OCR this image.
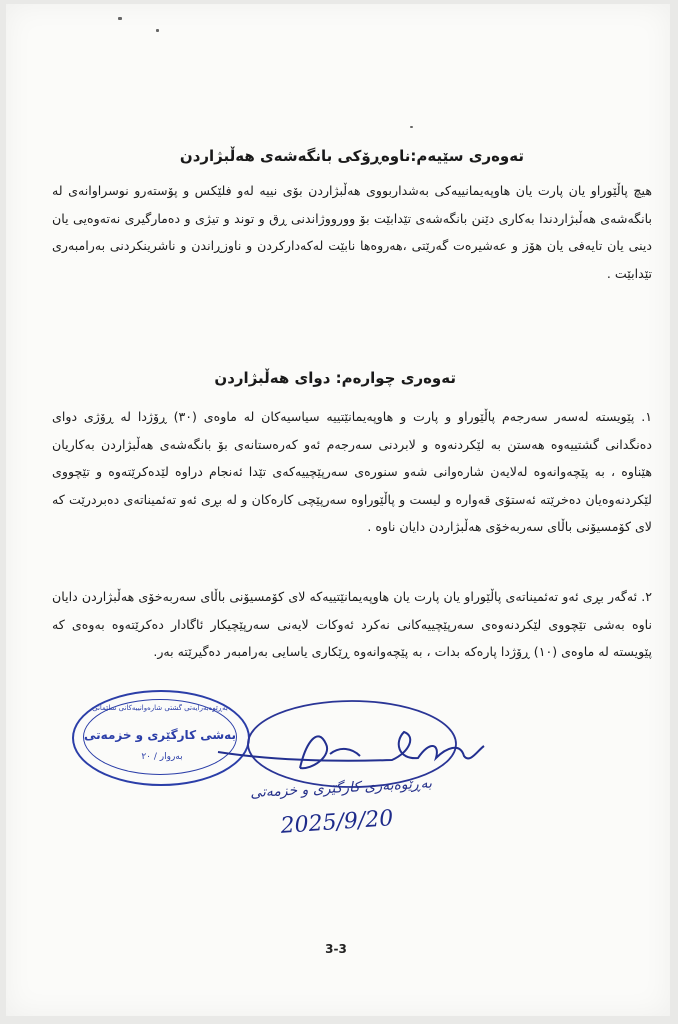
تەوەری سێیەم:ناوەڕۆکی بانگەشەی هەڵبژاردن
هیچ پاڵێوراو یان پارت یان هاوپەیمانییەکی بەشداربووی هەڵبژاردن بۆی نییە لەو فلێکس و پۆستەرو نوسراوانەی لە بانگەشەی هەڵبژاردندا بەکاری دێنن بانگەشەی تێدابێت بۆ وورووژاندنی ڕق و توند و تیژی و دەمارگیری نەتەوەیی یان دینی یان تایەفی یان هۆز و عەشیرەت گەرێتی ،هەروەها نابێت لەکەدارکردن و ناوزڕاندن و ناشرینکردنی بەرامبەری تێدابێت .
تەوەری چوارەم: دوای هەڵبژاردن
١. پێویستە لەسەر سەرجەم پاڵێوراو و پارت و هاوپەیمانێتییە سیاسیەکان لە ماوەی (٣٠) ڕۆژدا لە ڕۆژی دوای دەنگدانی گشتییەوە هەستن بە لێکردنەوە و لابردنی سەرجەم ئەو کەرەستانەی بۆ بانگەشەی هەڵبژاردن بەکاریان هێناوە ، بە پێچەوانەوە لەلایەن شارەوانی شەو سنورەی سەرپێچییەکەی تێدا ئەنجام دراوە لێدەکرێتەوە و تێچووی لێکردنەوەیان دەخرێتە ئەستۆی قەوارە و لیست و پاڵێوراوە سەرپێچی کارەکان و لە بڕی ئەو تەئمیناتەی دەبردرێت کە لای کۆمسیۆنی باڵای سەربەخۆی هەڵبژاردن دایان ناوە .
٢. ئەگەر بڕی ئەو تەئمیناتەی پاڵێوراو یان پارت یان هاوپەیمانێتییەکە لای کۆمسیۆنی باڵای سەربەخۆی هەڵبژاردن دایان ناوە بەشی تێچووی لێکردنەوەی سەرپێچییەکانی نەکرد ئەوکات لایەنی سەرپێچیکار ئاگادار دەکرێتەوە بەوەی کە پێویستە لە ماوەی (١٠) ڕۆژدا پارەکە بدات ، بە پێچەوانەوە ڕێکاری یاسایی بەرامبەر دەگیرێتە بەر.
بەڕێوەبەرایەتی گشتی شارەوانییەکانی سلێمانی
بەشی کارگێری و خزمەتی
بەروار / ٢٠
بەڕێوەبەری کارگێری و خزمەتی
2025/9/20
3-3
